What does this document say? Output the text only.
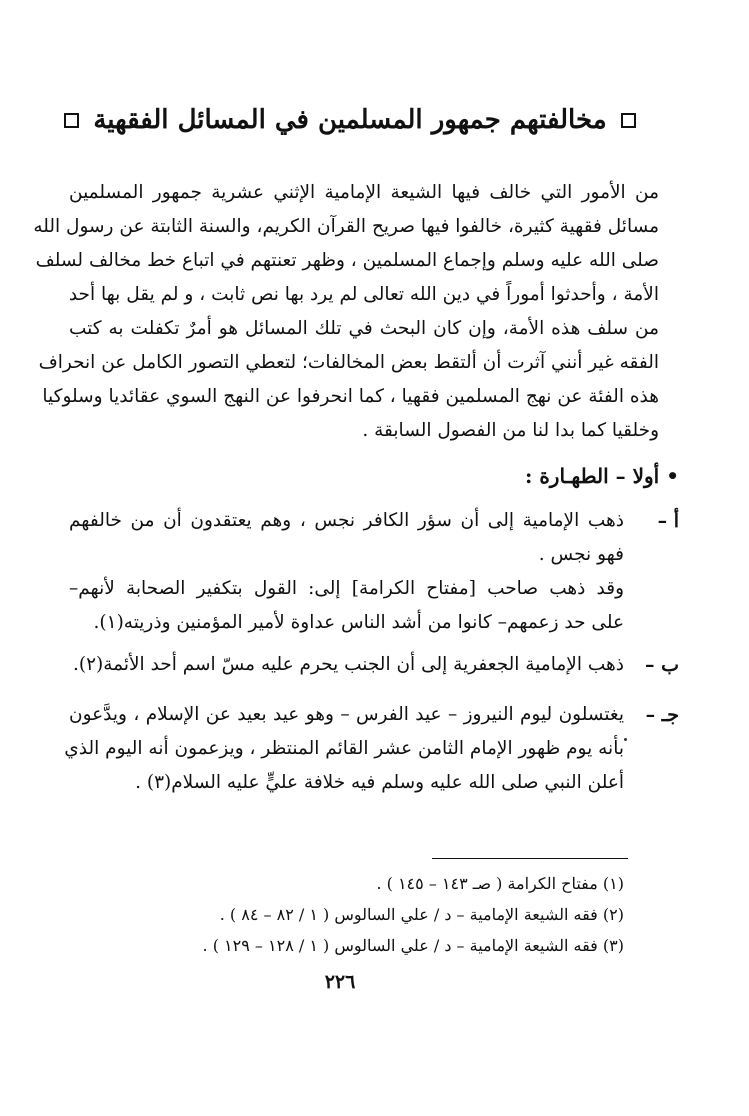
مخالفتهم جمهور المسلمين في المسائل الفقهية
من الأمور التي خالف فيها الشيعة الإمامية الإثني عشرية جمهور المسلمين
مسائل فقهية كثيرة، خالفوا فيها صريح القرآن الكريم، والسنة الثابتة عن رسول الله
صلى الله عليه وسلم وإجماع المسلمين ، وظهر تعنتهم في اتباع خط مخالف لسلف
الأمة ، وأحدثوا أموراً في دين الله تعالى لم يرد بها نص ثابت ، و لم يقل بها أحد
من سلف هذه الأمة، وإن كان البحث في تلك المسائل هو أمرٌ تكفلت به كتب
الفقه غير أنني آثرت أن ألتقط بعض المخالفات؛ لتعطي التصور الكامل عن انحراف
هذه الفئة عن نهج المسلمين فقهيا ، كما انحرفوا عن النهج السوي عقائديا وسلوكيا
وخلقيا كما بدا لنا من الفصول السابقة .
• أولا – الطهـارة :
أ –
ذهب الإمامية إلى أن سؤر الكافر نجس ، وهم يعتقدون أن من خالفهم
فهو نجس .
وقد ذهب صاحب [مفتاح الكرامة] إلى: القول بتكفير الصحابة لأنهم–
على حد زعمهم– كانوا من أشد الناس عداوة لأمير المؤمنين وذريته(١).
ب –
ذهب الإمامية الجعفرية إلى أن الجنب يحرم عليه مسّ اسم أحد الأئمة(٢).
جـ –
يغتسلون ليوم النيروز – عيد الفرس – وهو عيد بعيد عن الإسلام ، ويدَّعون
بأنه يوم ظهور الإمام الثامن عشر القائم المنتظر ، ويزعمون أنه اليوم الذي
أعلن النبي صلى الله عليه وسلم فيه خلافة عليٍّ عليه السلام(٣) .
(١) مفتاح الكرامة ( صـ ١٤٣ – ١٤٥ ) .
(٢) فقه الشيعة الإمامية – د / علي السالوس ( ١ / ٨٢ – ٨٤ ) .
(٣) فقه الشيعة الإمامية – د / علي السالوس ( ١ / ١٢٨ – ١٢٩ ) .
٢٢٦
